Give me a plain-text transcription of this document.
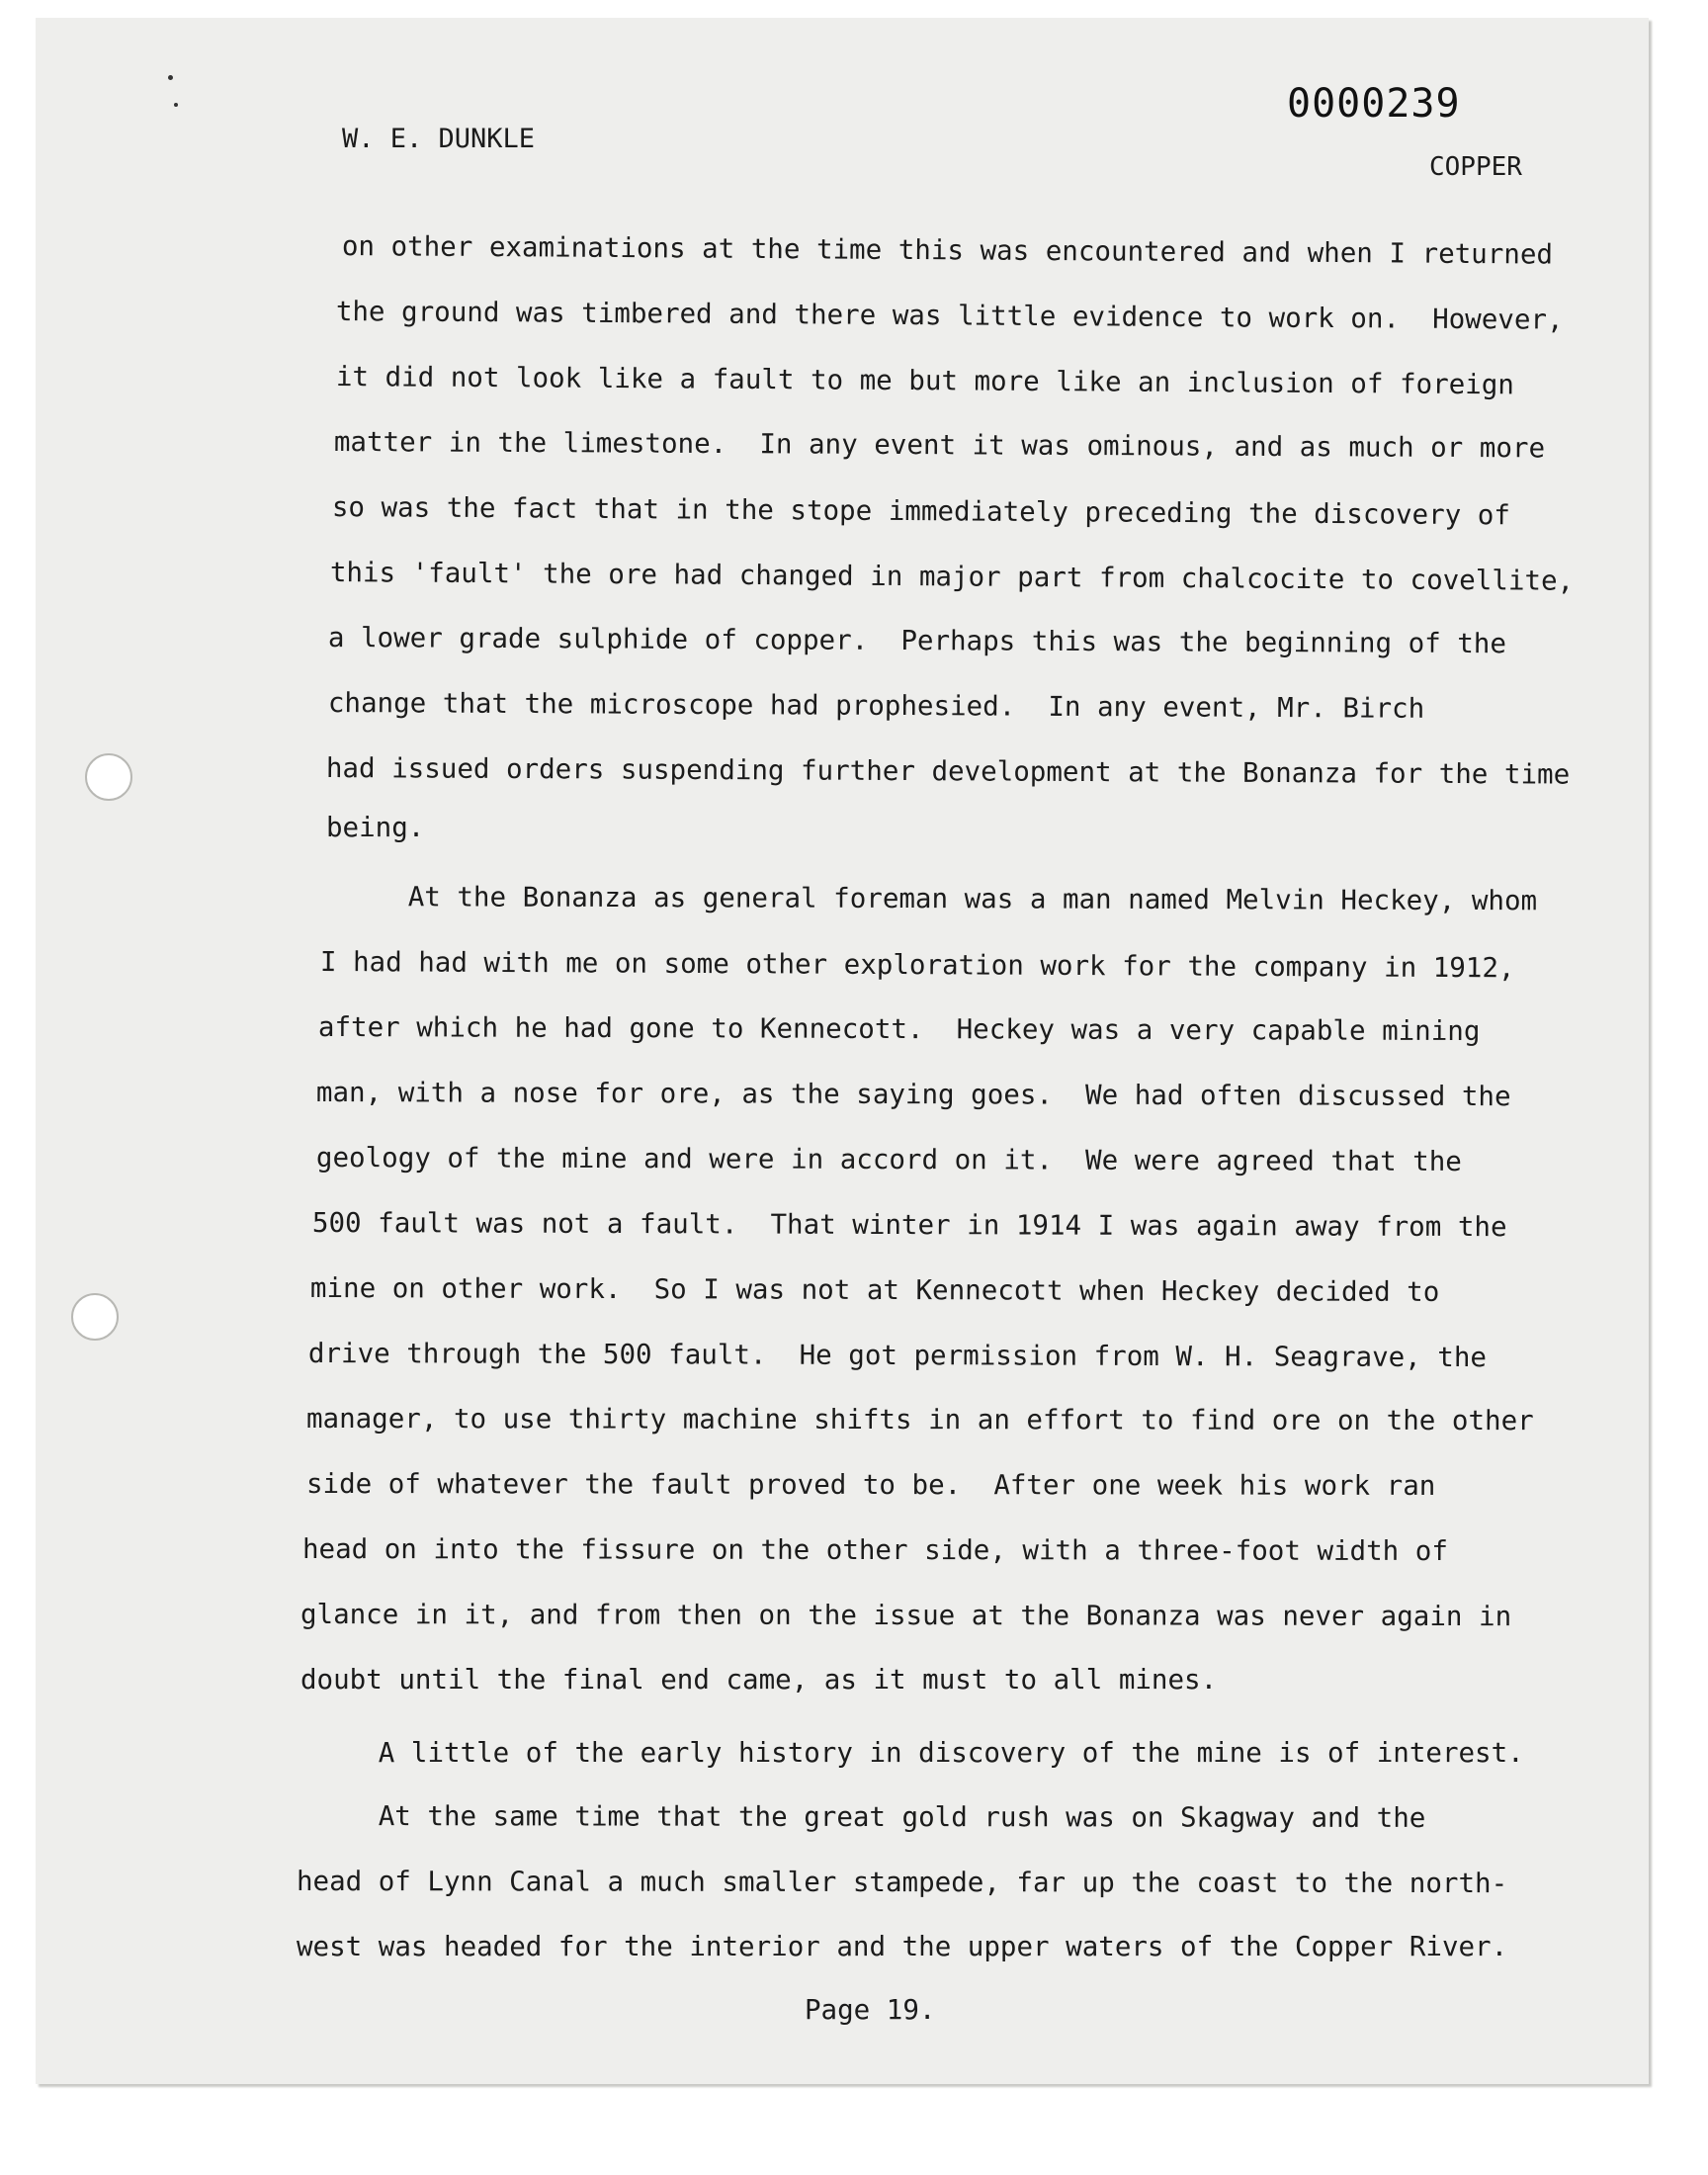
W. E. DUNKLE
0000239
COPPER
on other examinations at the time this was encountered and when I returned
the ground was timbered and there was little evidence to work on.  However,
it did not look like a fault to me but more like an inclusion of foreign
matter in the limestone.  In any event it was ominous, and as much or more
so was the fact that in the stope immediately preceding the discovery of
this 'fault' the ore had changed in major part from chalcocite to covellite,
a lower grade sulphide of copper.  Perhaps this was the beginning of the
change that the microscope had prophesied.  In any event, Mr. Birch
had issued orders suspending further development at the Bonanza for the time
being.
At the Bonanza as general foreman was a man named Melvin Heckey, whom
I had had with me on some other exploration work for the company in 1912,
after which he had gone to Kennecott.  Heckey was a very capable mining
man, with a nose for ore, as the saying goes.  We had often discussed the
geology of the mine and were in accord on it.  We were agreed that the
500 fault was not a fault.  That winter in 1914 I was again away from the
mine on other work.  So I was not at Kennecott when Heckey decided to
drive through the 500 fault.  He got permission from W. H. Seagrave, the
manager, to use thirty machine shifts in an effort to find ore on the other
side of whatever the fault proved to be.  After one week his work ran
head on into the fissure on the other side, with a three-foot width of
glance in it, and from then on the issue at the Bonanza was never again in
doubt until the final end came, as it must to all mines.
A little of the early history in discovery of the mine is of interest.
At the same time that the great gold rush was on Skagway and the
head of Lynn Canal a much smaller stampede, far up the coast to the north-
west was headed for the interior and the upper waters of the Copper River.
Page 19.
